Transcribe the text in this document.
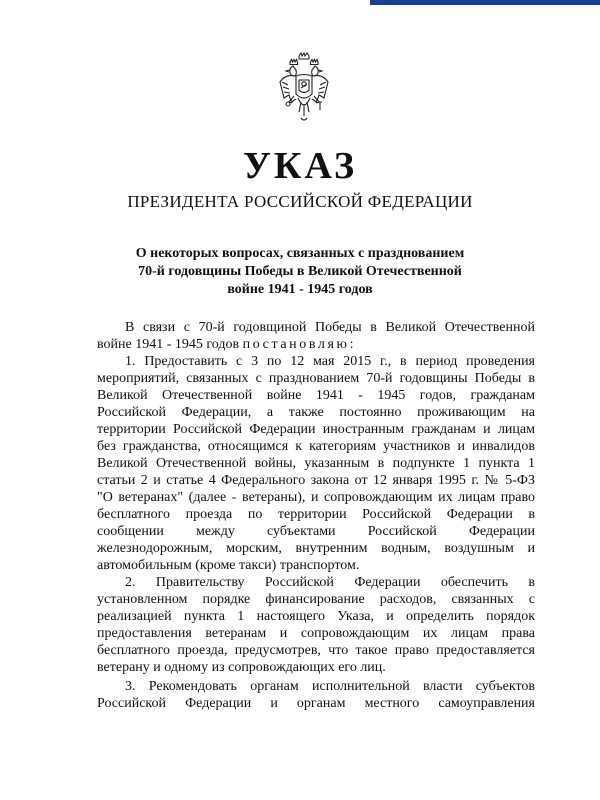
УКАЗ
ПРЕЗИДЕНТА РОССИЙСКОЙ ФЕДЕРАЦИИ
О некоторых вопросах, связанных с празднованием
70-й годовщины Победы в Великой Отечественной
войне 1941 - 1945 годов
В связи с 70-й годовщиной Победы в Великой Отечественной
войне 1941 - 1945 годов постановляю:
1. Предоставить с 3 по 12 мая 2015 г., в период проведения
мероприятий, связанных с празднованием 70-й годовщины Победы в
Великой Отечественной войне 1941 - 1945 годов, гражданам
Российской Федерации, а также постоянно проживающим на
территории Российской Федерации иностранным гражданам и лицам
без гражданства, относящимся к категориям участников и инвалидов
Великой Отечественной войны, указанным в подпункте 1 пункта 1
статьи 2 и статье 4 Федерального закона от 12 января 1995 г. № 5-ФЗ
"О ветеранах" (далее - ветераны), и сопровождающим их лицам право
бесплатного проезда по территории Российской Федерации в
сообщении между субъектами Российской Федерации
железнодорожным, морским, внутренним водным, воздушным и
автомобильным (кроме такси) транспортом.
2. Правительству Российской Федерации обеспечить в
установленном порядке финансирование расходов, связанных с
реализацией пункта 1 настоящего Указа, и определить порядок
предоставления ветеранам и сопровождающим их лицам права
бесплатного проезда, предусмотрев, что такое право предоставляется
ветерану и одному из сопровождающих его лиц.
3. Рекомендовать органам исполнительной власти субъектов
Российской Федерации и органам местного самоуправления
